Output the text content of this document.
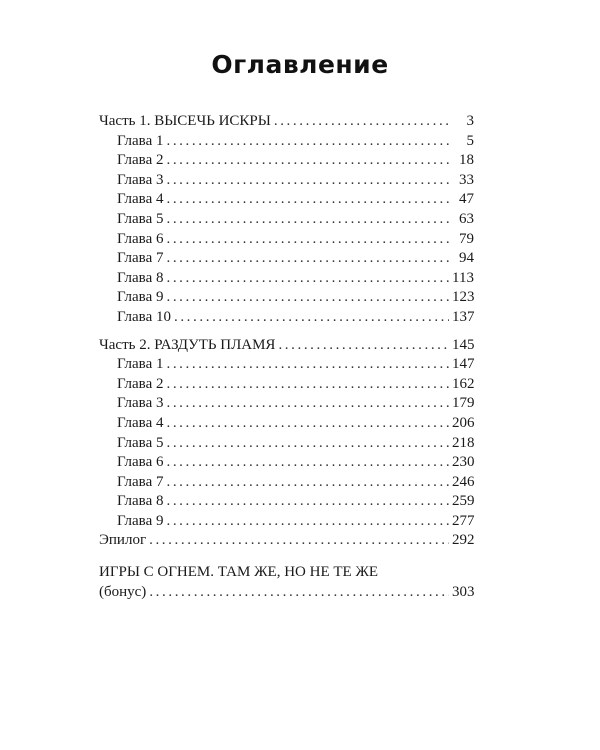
Оглавление
Часть 1. ВЫСЕЧЬ ИСКРЫ .....	3
Глава 1 .....	5
Глава 2 .....	18
Глава 3 .....	33
Глава 4 .....	47
Глава 5 .....	63
Глава 6 .....	79
Глава 7 .....	94
Глава 8 .....	113
Глава 9 .....	123
Глава 10 .....	137
Часть 2. РАЗДУТЬ ПЛАМЯ .....	145
Глава 1 .....	147
Глава 2 .....	162
Глава 3 .....	179
Глава 4 .....	206
Глава 5 .....	218
Глава 6 .....	230
Глава 7 .....	246
Глава 8 .....	259
Глава 9 .....	277
Эпилог .....	292
ИГРЫ С ОГНЕМ. ТАМ ЖЕ, НО НЕ ТЕ ЖЕ
(бонус) .....	303
